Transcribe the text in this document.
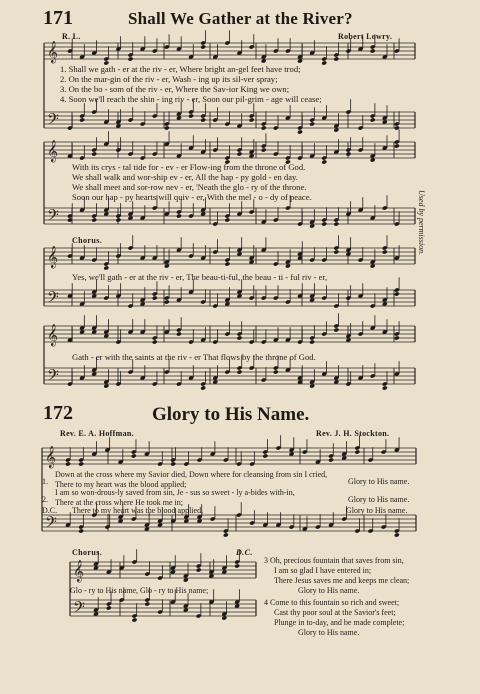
𝄞
𝄢
𝄞
𝄢
𝄞
𝄢
𝄞
𝄢
𝄞
𝄢
𝄞
𝄢
171	Shall We Gather at the River?
R. L.	Robert Lowry.
1. Shall we gath - er at the riv - er, Where bright an-gel feet have trod;
2. On the mar-gin of the riv - er, Wash - ing up its sil-ver spray;
3. On the bo - som of the riv - er, Where the Sav-ior King we own;
4. Soon we'll reach the shin - ing riv - er, Soon our pil-grim - age will cease;
With its crys - tal tide for - ev - er Flow-ing from the throne of God.
We shall walk and wor-ship ev - er, All the hap - py gold - en day.
We shall meet and sor-row nev - er, 'Neath the glo - ry of the throne.
Soon our hap - py hearts will quiv - er, With the mel - o - dy of peace.
Chorus.
Yes, we'll gath - er at the riv - er, The beau-ti-ful, the beau - ti - ful riv - er,
Gath - er with the saints at the riv - er That flows by the throne of God.
Used by permission.
172	Glory to His Name.
Rev. E. A. Hoffman.	Rev. J. H. Stockton.
1.
Down at the cross where my Savior died, Down where for cleansing from sin I cried,
There to my heart was the blood applied;	Glory to His name.
2.
I am so won-drous-ly saved from sin, Je - sus so sweet - ly a-bides with-in,
There at the cross where He took me in;	Glory to His name.
D.C. There to my heart was the blood applied,	Glory to His name.
Chorus.	D.C.
Glo - ry to His name, Glo - ry to His name;
3 Oh, precious fountain that saves from sin,
I am so glad I have entered in;
There Jesus saves me and keeps me clean;
Glory to His name.
4 Come to this fountain so rich and sweet;
Cast thy poor soul at the Savior's feet;
Plunge in to-day, and be made complete;
Glory to His name.
